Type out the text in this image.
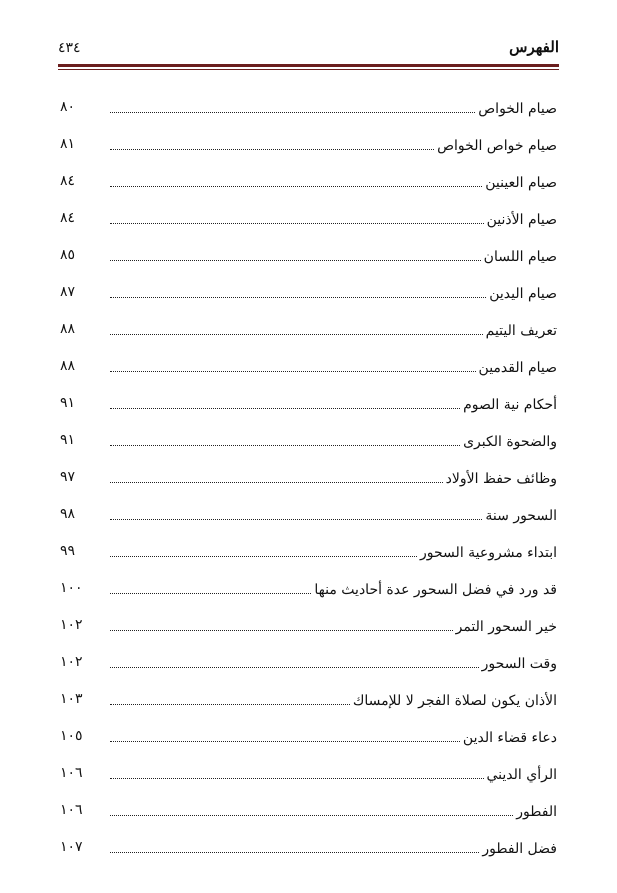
الفهرس
٤٣٤
صيام الخواص
٨٠
صيام خواص الخواص
٨١
صيام العينين
٨٤
صيام الأذنين
٨٤
صيام اللسان
٨٥
صيام اليدين
٨٧
تعريف اليتيم
٨٨
صيام القدمين
٨٨
أحكام نية الصوم
٩١
والضحوة الكبرى
٩١
وظائف حفظ الأولاد
٩٧
السحور سنة
٩٨
ابتداء مشروعية السحور
٩٩
قد ورد في فضل السحور عدة أحاديث منها
١٠٠
خير السحور التمر
١٠٢
وقت السحور
١٠٢
الأذان يكون لصلاة الفجر لا للإمساك
١٠٣
دعاء قضاء الدين
١٠٥
الرأي الديني
١٠٦
الفطور
١٠٦
فضل الفطور
١٠٧
